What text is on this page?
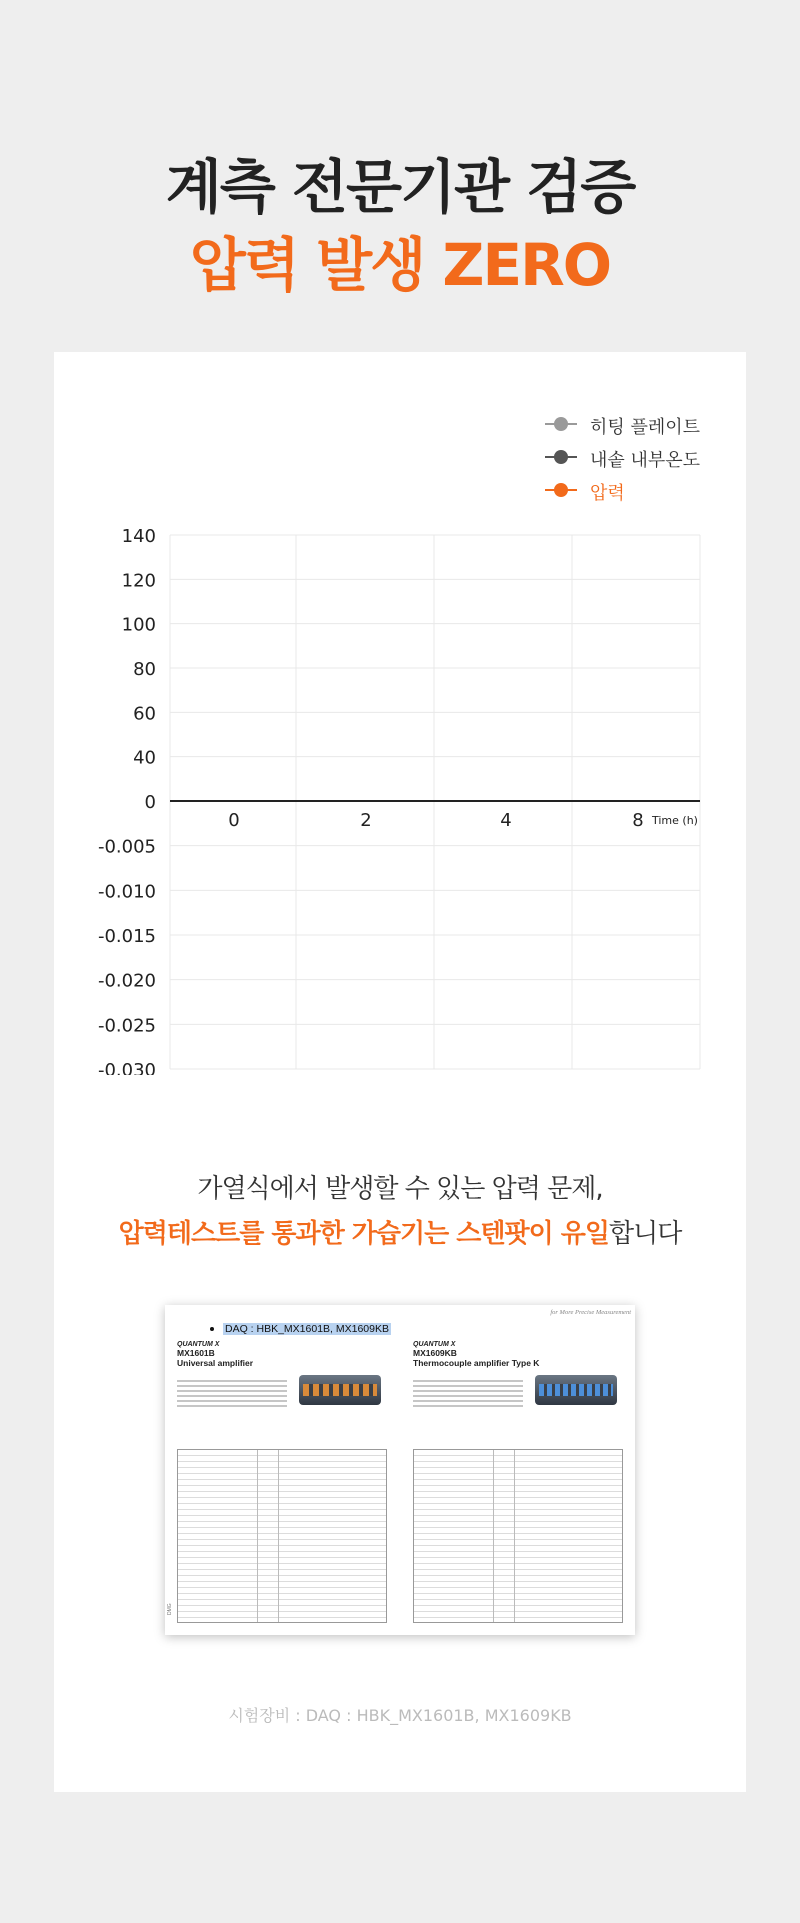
계측 전문기관 검증
압력 발생 ZERO
히팅 플레이트
내솥 내부온도
압력
140
120
100
80
60
40
0
-0.005
-0.010
-0.015
-0.020
-0.025
-0.030
0	2	4	8 Time (h)
가열식에서 발생할 수 있는 압력 문제,
압력테스트를 통과한 가습기는 스텐팟이 유일합니다
DAQ : HBK_MX1601B, MX1609KB
for More Precise Measurement
DMG
QUANTUM X
MX1601B
Universal amplifier
QUANTUM X
MX1609KB
Thermocouple amplifier Type K
시험장비 : DAQ : HBK_MX1601B, MX1609KB
